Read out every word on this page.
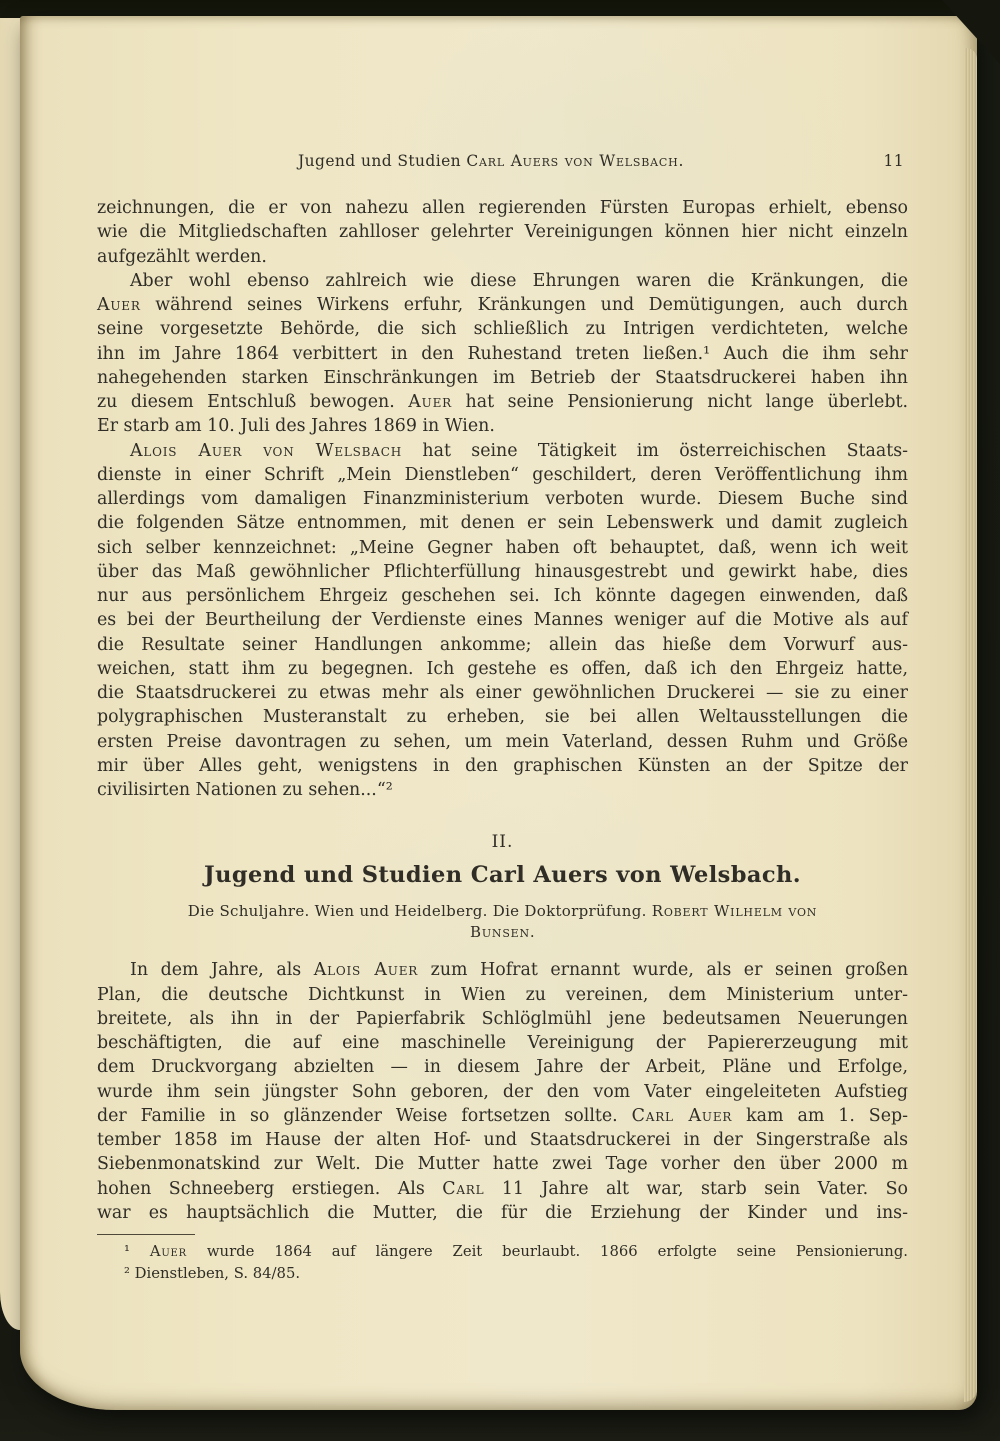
Jugend und Studien Carl Auers von Welsbach.	11
zeichnungen, die er von nahezu allen regierenden Fürsten Europas erhielt, ebenso
wie die Mitgliedschaften zahlloser gelehrter Vereinigungen können hier nicht einzeln
aufgezählt werden.
Aber wohl ebenso zahlreich wie diese Ehrungen waren die Kränkungen, die
Auer während seines Wirkens erfuhr, Kränkungen und Demütigungen, auch durch
seine vorgesetzte Behörde, die sich schließlich zu Intrigen verdichteten, welche
ihn im Jahre 1864 verbittert in den Ruhestand treten ließen.¹ Auch die ihm sehr
nahegehenden starken Einschränkungen im Betrieb der Staatsdruckerei haben ihn
zu diesem Entschluß bewogen. Auer hat seine Pensionierung nicht lange überlebt.
Er starb am 10. Juli des Jahres 1869 in Wien.
Alois Auer von Welsbach hat seine Tätigkeit im österreichischen Staats-
dienste in einer Schrift „Mein Dienstleben“ geschildert, deren Veröffentlichung ihm
allerdings vom damaligen Finanzministerium verboten wurde. Diesem Buche sind
die folgenden Sätze entnommen, mit denen er sein Lebenswerk und damit zugleich
sich selber kennzeichnet: „Meine Gegner haben oft behauptet, daß, wenn ich weit
über das Maß gewöhnlicher Pflichterfüllung hinausgestrebt und gewirkt habe, dies
nur aus persönlichem Ehrgeiz geschehen sei. Ich könnte dagegen einwenden, daß
es bei der Beurtheilung der Verdienste eines Mannes weniger auf die Motive als auf
die Resultate seiner Handlungen ankomme; allein das hieße dem Vorwurf aus-
weichen, statt ihm zu begegnen. Ich gestehe es offen, daß ich den Ehrgeiz hatte,
die Staatsdruckerei zu etwas mehr als einer gewöhnlichen Druckerei — sie zu einer
polygraphischen Musteranstalt zu erheben, sie bei allen Weltausstellungen die
ersten Preise davontragen zu sehen, um mein Vaterland, dessen Ruhm und Größe
mir über Alles geht, wenigstens in den graphischen Künsten an der Spitze der
civilisirten Nationen zu sehen...“²
II.
Jugend und Studien Carl Auers von Welsbach.
Die Schuljahre. Wien und Heidelberg. Die Doktorprüfung. Robert Wilhelm von
Bunsen.
In dem Jahre, als Alois Auer zum Hofrat ernannt wurde, als er seinen großen
Plan, die deutsche Dichtkunst in Wien zu vereinen, dem Ministerium unter-
breitete, als ihn in der Papierfabrik Schlöglmühl jene bedeutsamen Neuerungen
beschäftigten, die auf eine maschinelle Vereinigung der Papiererzeugung mit
dem Druckvorgang abzielten — in diesem Jahre der Arbeit, Pläne und Erfolge,
wurde ihm sein jüngster Sohn geboren, der den vom Vater eingeleiteten Aufstieg
der Familie in so glänzender Weise fortsetzen sollte. Carl Auer kam am 1. Sep-
tember 1858 im Hause der alten Hof- und Staatsdruckerei in der Singerstraße als
Siebenmonatskind zur Welt. Die Mutter hatte zwei Tage vorher den über 2000 m
hohen Schneeberg erstiegen. Als Carl 11 Jahre alt war, starb sein Vater. So
war es hauptsächlich die Mutter, die für die Erziehung der Kinder und ins-
¹ Auer wurde 1864 auf längere Zeit beurlaubt. 1866 erfolgte seine Pensionierung.
² Dienstleben, S. 84/85.
